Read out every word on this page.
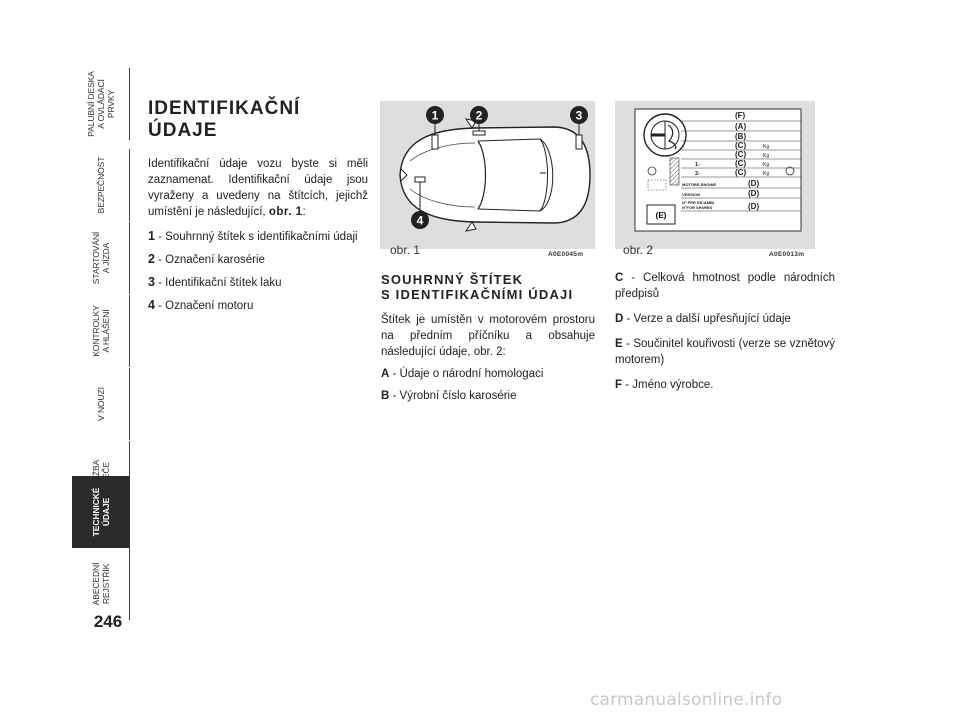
PALUBNÍ DESKA
A OVLÁDACÍ PRVKY
BEZPEČNOST
STARTOVÁNÍ
A JÍZDA
KONTROLKY
A HLÁŠENÍ
V NOUZI
TECHNICKÉ ÚDAJE
ABECEDNÍ
REJSTŘÍK
246
IDENTIFIKAČNÍ ÚDAJE

Identifikační údaje vozu byste si měli zaznamenat. Identifikační údaje jsou vyraženy a uvedeny na štítcích, jejichž umístění je následující, obr. 1:

1 - Souhrnný štítek s identifikačními údaji

2 - Označení karosérie

3 - Identifikační štítek laku

4 - Označení motoru

1	2	3
4
A0E0045m
obr. 1
(E)
(F)
(A)
(B)
(C)	Kg
(C)	Kg
1-	(C)	Kg
2-	(C)	Kg
MOTORE-ENGINE	(D)
VERSION	(D)
N° PER RICAMBI
N°FOR SPARES	(D)
A0E0013m
obr. 2
SOUHRNNÝ ŠTÍTEK
S IDENTIFIKAČNÍMI ÚDAJI

Štítek je umístěn v motorovém prostoru na předním příčníku a obsahuje následující údaje, obr. 2:

A - Údaje o národní homologaci

B - Výrobní číslo karosérie

C - Celková hmotnost podle národních předpisů

D - Verze a další upřesňující údaje

E - Součinitel kouřivosti (verze se vznětový motorem)

F - Jméno výrobce.

carmanualsonline.info
